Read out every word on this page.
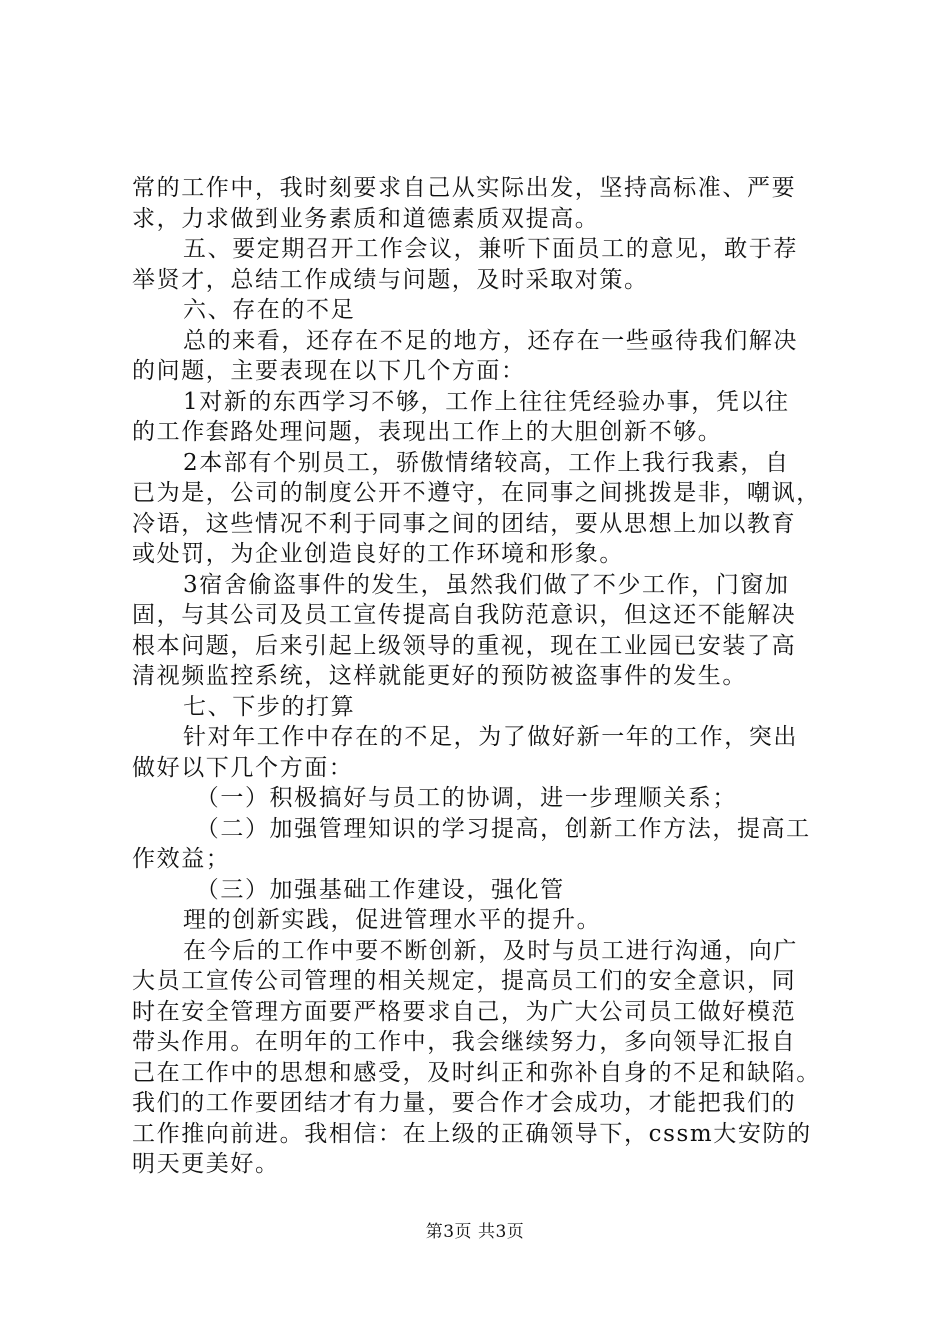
常的工作中，我时刻要求自己从实际出发，坚持高标准、严要
求，力求做到业务素质和道德素质双提高。
五、要定期召开工作会议，兼听下面员工的意见，敢于荐
举贤才，总结工作成绩与问题，及时采取对策。
六、存在的不足
总的来看，还存在不足的地方，还存在一些亟待我们解决
的问题，主要表现在以下几个方面：
1对新的东西学习不够，工作上往往凭经验办事，凭以往
的工作套路处理问题，表现出工作上的大胆创新不够。
2本部有个别员工，骄傲情绪较高，工作上我行我素，自
已为是，公司的制度公开不遵守，在同事之间挑拨是非，嘲讽，
冷语，这些情况不利于同事之间的团结，要从思想上加以教育
或处罚，为企业创造良好的工作环境和形象。
3宿舍偷盗事件的发生，虽然我们做了不少工作，门窗加
固，与其公司及员工宣传提高自我防范意识，但这还不能解决
根本问题，后来引起上级领导的重视，现在工业园已安装了高
清视频监控系统，这样就能更好的预防被盗事件的发生。
七、下步的打算
针对年工作中存在的不足，为了做好新一年的工作，突出
做好以下几个方面：
（一）积极搞好与员工的协调，进一步理顺关系；
（二）加强管理知识的学习提高，创新工作方法，提高工
作效益；
（三）加强基础工作建设，强化管
理的创新实践，促进管理水平的提升。
在今后的工作中要不断创新，及时与员工进行沟通，向广
大员工宣传公司管理的相关规定，提高员工们的安全意识，同
时在安全管理方面要严格要求自己，为广大公司员工做好模范
带头作用。在明年的工作中，我会继续努力，多向领导汇报自
己在工作中的思想和感受，及时纠正和弥补自身的不足和缺陷。
我们的工作要团结才有力量，要合作才会成功，才能把我们的
工作推向前进。我相信：在上级的正确领导下，cssm大安防的
明天更美好。
第3页 共3页
